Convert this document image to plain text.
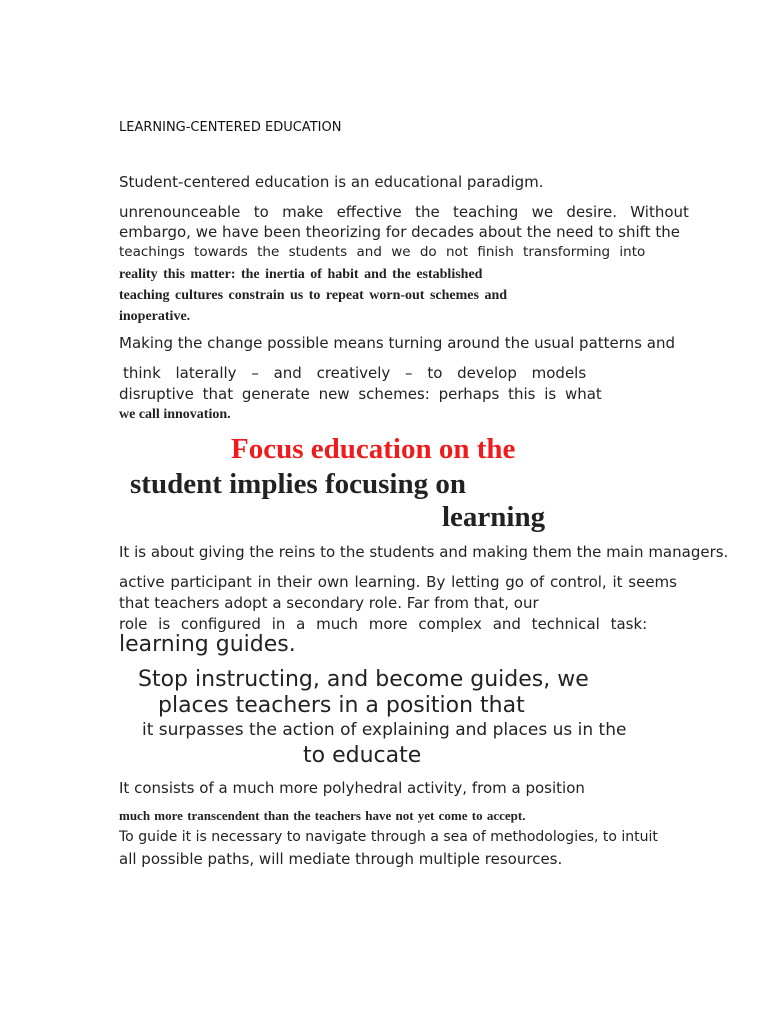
LEARNING-CENTERED EDUCATION

Student-centered education is an educational paradigm.

unrenounceable to make effective the teaching we desire. Without

embargo, we have been theorizing for decades about the need to shift the

teachings towards the students and we do not finish transforming into

reality this matter: the inertia of habit and the established

teaching cultures constrain us to repeat worn-out schemes and

inoperative.

Making the change possible means turning around the usual patterns and

think laterally – and creatively – to develop models

disruptive that generate new schemes: perhaps this is what

we call innovation.

Focus education on the

student implies focusing on

learning

It is about giving the reins to the students and making them the main managers.

active participant in their own learning. By letting go of control, it seems

that teachers adopt a secondary role. Far from that, our

role is configured in a much more complex and technical task:

learning guides.

Stop instructing, and become guides, we

places teachers in a position that

it surpasses the action of explaining and places us in the

to educate

It consists of a much more polyhedral activity, from a position

much more transcendent than the teachers have not yet come to accept.

To guide it is necessary to navigate through a sea of methodologies, to intuit

all possible paths, will mediate through multiple resources.
